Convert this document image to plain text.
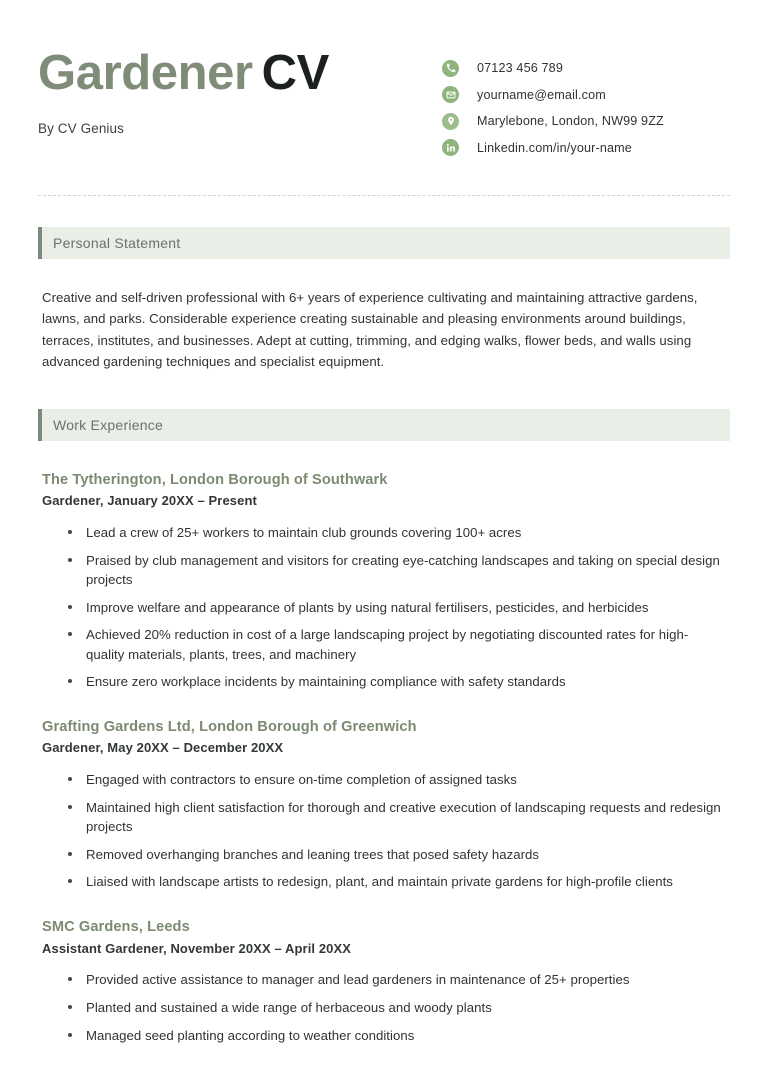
Gardener CV
By CV Genius
07123 456 789
yourname@email.com
Marylebone, London, NW99 9ZZ
Linkedin.com/in/your-name
Personal Statement
Creative and self-driven professional with 6+ years of experience cultivating and maintaining attractive gardens, lawns, and parks. Considerable experience creating sustainable and pleasing environments around buildings, terraces, institutes, and businesses. Adept at cutting, trimming, and edging walks, flower beds, and walls using advanced gardening techniques and specialist equipment.
Work Experience
The Tytherington, London Borough of Southwark
Gardener, January 20XX – Present
Lead a crew of 25+ workers to maintain club grounds covering 100+ acres
Praised by club management and visitors for creating eye-catching landscapes and taking on special design projects
Improve welfare and appearance of plants by using natural fertilisers, pesticides, and herbicides
Achieved 20% reduction in cost of a large landscaping project by negotiating discounted rates for high-quality materials, plants, trees, and machinery
Ensure zero workplace incidents by maintaining compliance with safety standards
Grafting Gardens Ltd, London Borough of Greenwich
Gardener, May 20XX – December 20XX
Engaged with contractors to ensure on-time completion of assigned tasks
Maintained high client satisfaction for thorough and creative execution of landscaping requests and redesign projects
Removed overhanging branches and leaning trees that posed safety hazards
Liaised with landscape artists to redesign, plant, and maintain private gardens for high-profile clients
SMC Gardens, Leeds
Assistant Gardener, November 20XX – April 20XX
Provided active assistance to manager and lead gardeners in maintenance of 25+ properties
Planted and sustained a wide range of herbaceous and woody plants
Managed seed planting according to weather conditions
